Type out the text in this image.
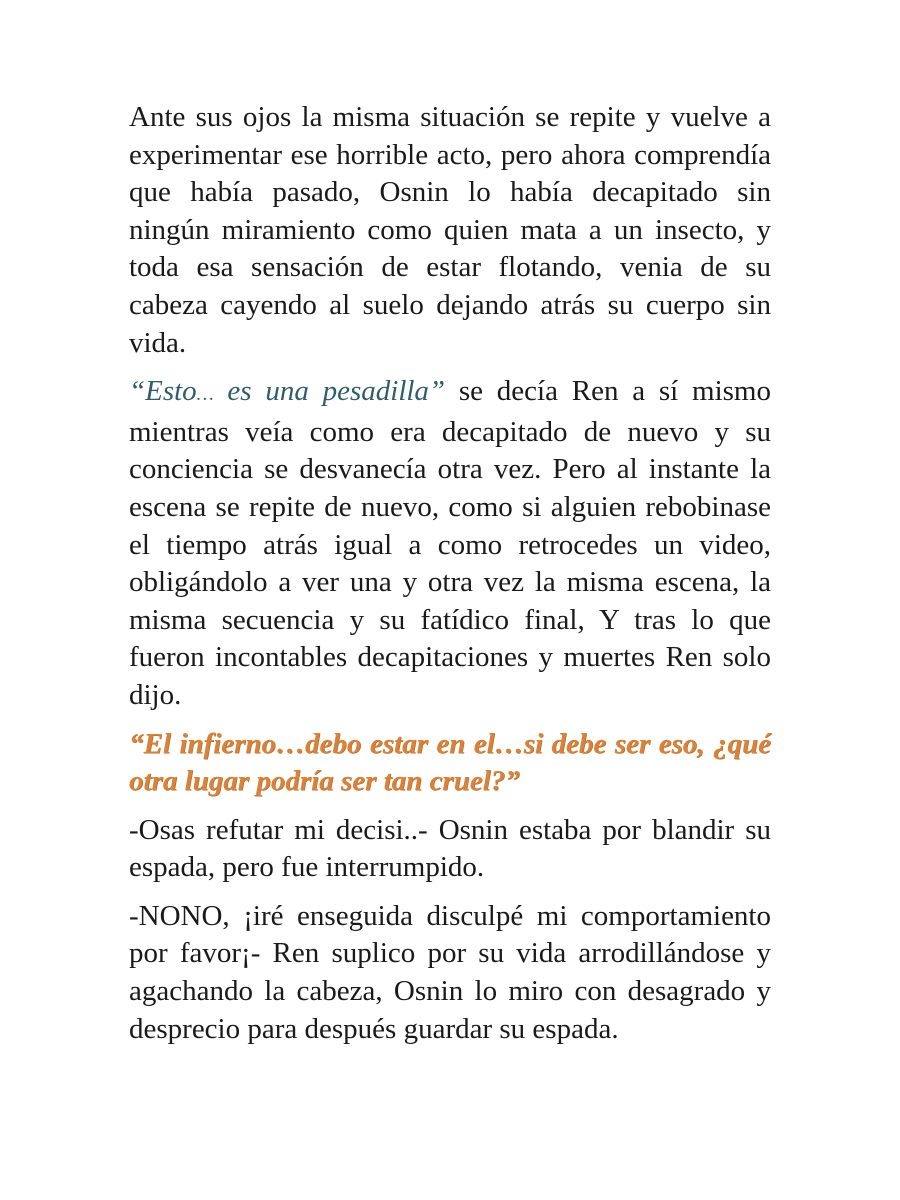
Ante sus ojos la misma situación se repite y vuelve a experimentar ese horrible acto, pero ahora comprendía que había pasado, Osnin lo había decapitado sin ningún miramiento como quien mata a un insecto, y toda esa sensación de estar flotando, venia de su cabeza cayendo al suelo dejando atrás su cuerpo sin vida.

“Esto… es una pesadilla” se decía Ren a sí mismo mientras veía como era decapitado de nuevo y su conciencia se desvanecía otra vez. Pero al instante la escena se repite de nuevo, como si alguien rebobinase el tiempo atrás igual a como retrocedes un video, obligándolo a ver una y otra vez la misma escena, la misma secuencia y su fatídico final, Y tras lo que fueron incontables decapitaciones y muertes Ren solo dijo.

“El infierno…debo estar en el…si debe ser eso, ¿qué otra lugar podría ser tan cruel?”

-Osas refutar mi decisi..- Osnin estaba por blandir su espada, pero fue interrumpido.

-NONO, ¡iré enseguida disculpé mi comportamiento por favor¡- Ren suplico por su vida arrodillándose y agachando la cabeza, Osnin lo miro con desagrado y desprecio para después guardar su espada.
